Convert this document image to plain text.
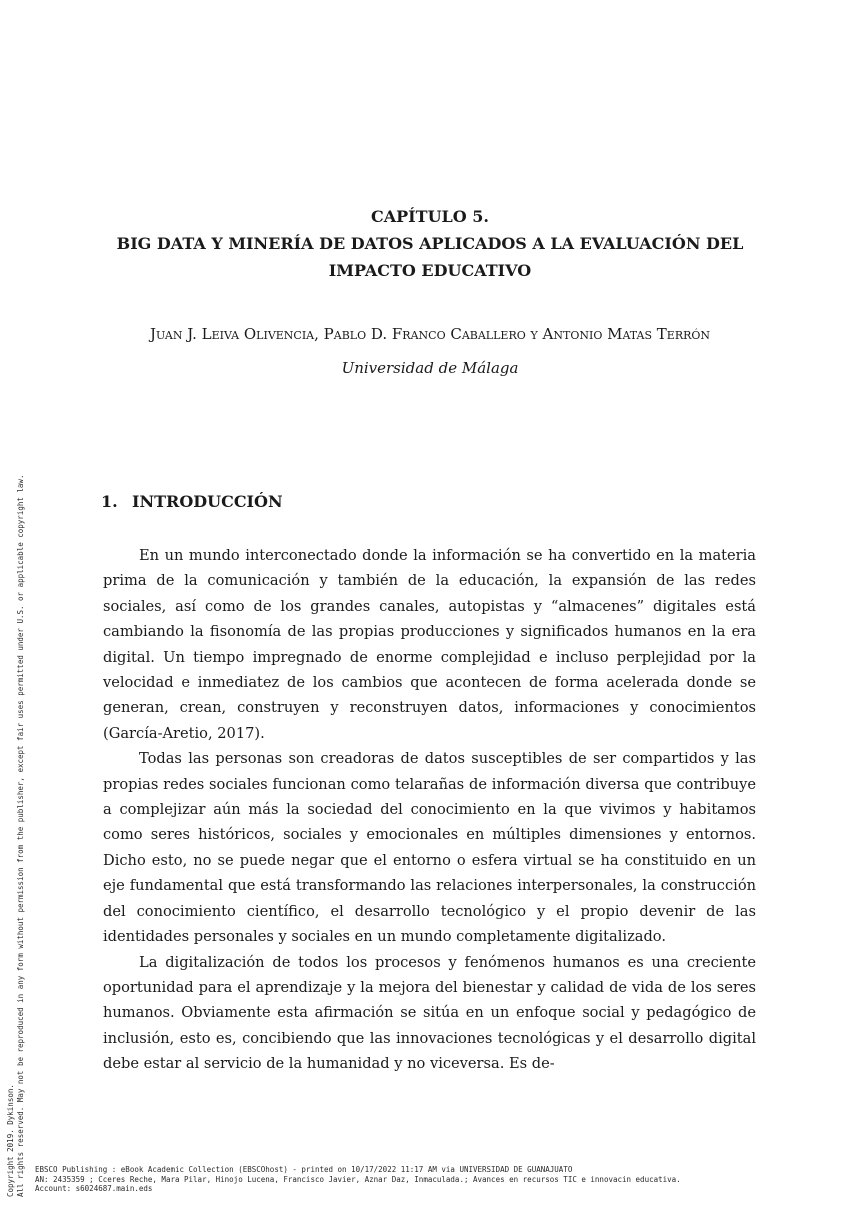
CAPÍTULO 5.
BIG DATA Y MINERÍA DE DATOS APLICADOS A LA EVALUACIÓN DEL
IMPACTO EDUCATIVO
Juan J. Leiva Olivencia, Pablo D. Franco Caballero y Antonio Matas Terrón
Universidad de Málaga
1. INTRODUCCIÓN

En un mundo interconectado donde la información se ha convertido en la materia prima de la comunicación y también de la educación, la expansión de las redes sociales, así como de los grandes canales, autopistas y “almacenes” digitales está cambiando la fisonomía de las propias producciones y significados humanos en la era digital. Un tiempo impregnado de enorme complejidad e incluso perplejidad por la velocidad e inmediatez de los cambios que acontecen de forma acelerada donde se generan, crean, construyen y reconstruyen datos, informaciones y conocimientos (García-Aretio, 2017).

Todas las personas son creadoras de datos susceptibles de ser compartidos y las propias redes sociales funcionan como telarañas de información diversa que contribuye a complejizar aún más la sociedad del conocimiento en la que vivimos y habitamos como seres históricos, sociales y emocionales en múltiples dimensiones y entornos. Dicho esto, no se puede negar que el entorno o esfera virtual se ha constituido en un eje fundamental que está transformando las relaciones interpersonales, la construcción del conocimiento científico, el desarrollo tecnológico y el propio devenir de las identidades personales y sociales en un mundo completamente digitalizado.

La digitalización de todos los procesos y fenómenos humanos es una creciente oportunidad para el aprendizaje y la mejora del bienestar y calidad de vida de los seres humanos. Obviamente esta afirmación se sitúa en un enfoque social y pedagógico de inclusión, esto es, concibiendo que las innovaciones tecnológicas y el desarrollo digital debe estar al servicio de la humanidad y no viceversa. Es de-

Copyright 2019. Dykinson. All rights reserved. May not be reproduced in any form without permission from the publisher, except fair uses permitted under U.S. or applicable copyright law. EBSCO Publishing : eBook Academic Collection (EBSCOhost) - printed on 10/17/2022 11:17 AM via UNIVERSIDAD DE GUANAJUATO
AN: 2435359 ; Cceres Reche, Mara Pilar, Hinojo Lucena, Francisco Javier, Aznar Daz, Inmaculada.; Avances en recursos TIC e innovacin educativa.
Account: s6024687.main.eds
